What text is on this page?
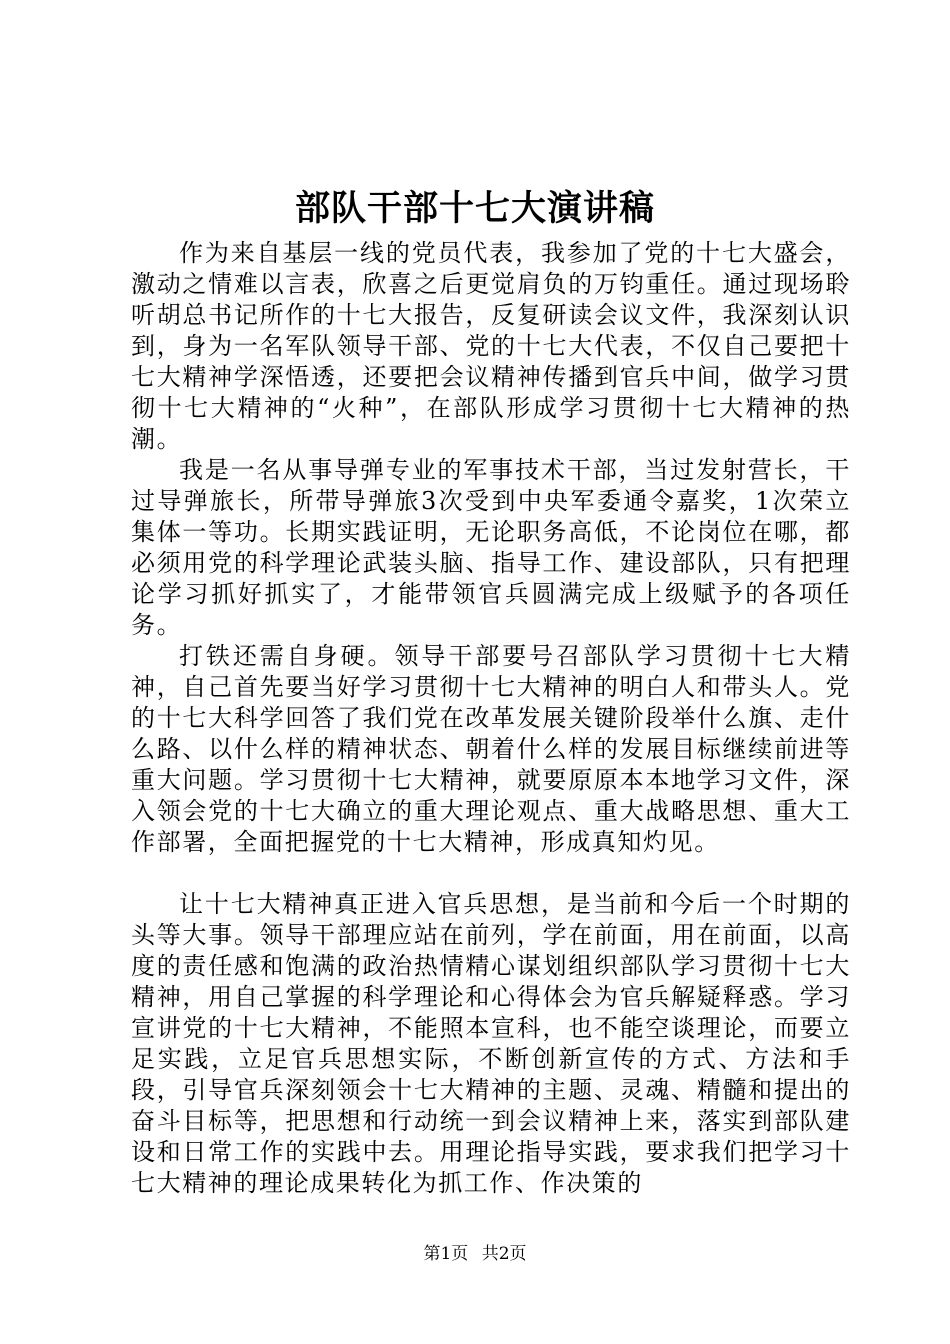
部队干部十七大演讲稿

作为来自基层一线的党员代表，我参加了党的十七大盛会，激动之情难以言表，欣喜之后更觉肩负的万钧重任。通过现场聆听胡总书记所作的十七大报告，反复研读会议文件，我深刻认识到，身为一名军队领导干部、党的十七大代表，不仅自己要把十七大精神学深悟透，还要把会议精神传播到官兵中间，做学习贯彻十七大精神的“火种”，在部队形成学习贯彻十七大精神的热潮。

我是一名从事导弹专业的军事技术干部，当过发射营长，干过导弹旅长，所带导弹旅3次受到中央军委通令嘉奖，1次荣立集体一等功。长期实践证明，无论职务高低，不论岗位在哪，都必须用党的科学理论武装头脑、指导工作、建设部队，只有把理论学习抓好抓实了，才能带领官兵圆满完成上级赋予的各项任务。

打铁还需自身硬。领导干部要号召部队学习贯彻十七大精神，自己首先要当好学习贯彻十七大精神的明白人和带头人。党的十七大科学回答了我们党在改革发展关键阶段举什么旗、走什么路、以什么样的精神状态、朝着什么样的发展目标继续前进等重大问题。学习贯彻十七大精神，就要原原本本地学习文件，深入领会党的十七大确立的重大理论观点、重大战略思想、重大工作部署，全面把握党的十七大精神，形成真知灼见。

让十七大精神真正进入官兵思想，是当前和今后一个时期的头等大事。领导干部理应站在前列，学在前面，用在前面，以高度的责任感和饱满的政治热情精心谋划组织部队学习贯彻十七大精神，用自己掌握的科学理论和心得体会为官兵解疑释惑。学习宣讲党的十七大精神，不能照本宣科，也不能空谈理论，而要立足实践，立足官兵思想实际，不断创新宣传的方式、方法和手段，引导官兵深刻领会十七大精神的主题、灵魂、精髓和提出的奋斗目标等，把思想和行动统一到会议精神上来，落实到部队建设和日常工作的实践中去。用理论指导实践，要求我们把学习十七大精神的理论成果转化为抓工作、作决策的

第1页 共2页
